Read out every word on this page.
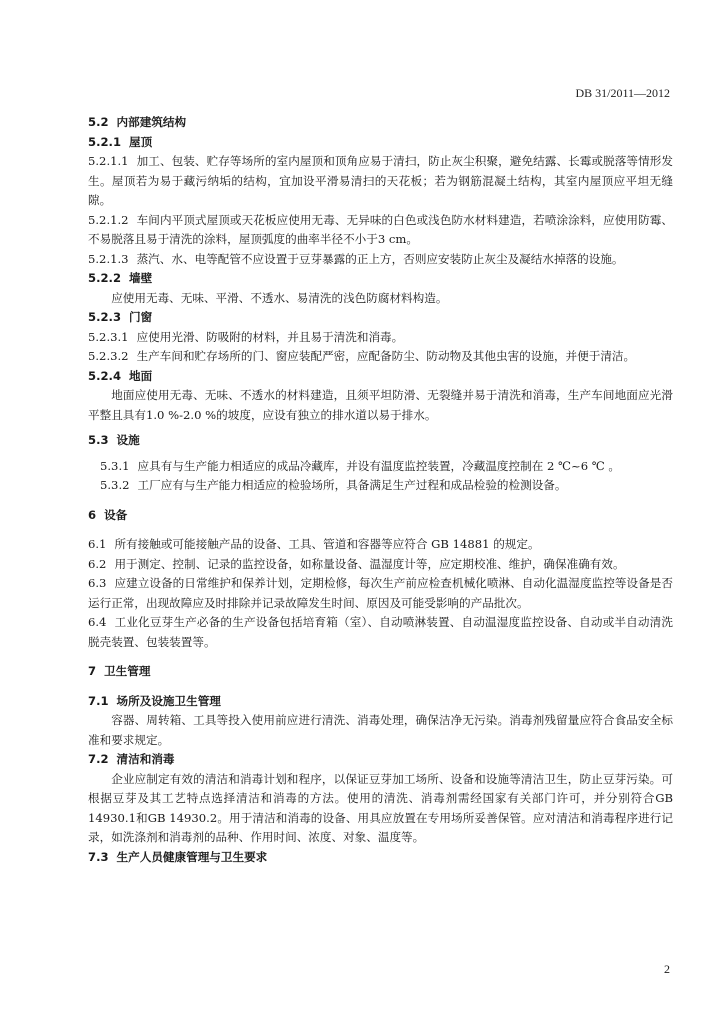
DB 31/2011—2012

5.2 内部建筑结构

5.2.1 屋顶

5.2.1.1 加工、包装、贮存等场所的室内屋顶和顶角应易于清扫，防止灰尘积聚，避免结露、长霉或脱落等情形发生。屋顶若为易于藏污纳垢的结构，宜加设平滑易清扫的天花板；若为钢筋混凝土结构，其室内屋顶应平坦无缝隙。

5.2.1.2 车间内平顶式屋顶或天花板应使用无毒、无异味的白色或浅色防水材料建造，若喷涂涂料，应使用防霉、不易脱落且易于清洗的涂料，屋顶弧度的曲率半径不小于3 cm。

5.2.1.3 蒸汽、水、电等配管不应设置于豆芽暴露的正上方，否则应安装防止灰尘及凝结水掉落的设施。

5.2.2 墙壁

应使用无毒、无味、平滑、不透水、易清洗的浅色防腐材料构造。

5.2.3 门窗

5.2.3.1 应使用光滑、防吸附的材料，并且易于清洗和消毒。

5.2.3.2 生产车间和贮存场所的门、窗应装配严密，应配备防尘、防动物及其他虫害的设施，并便于清洁。

5.2.4 地面

地面应使用无毒、无味、不透水的材料建造，且须平坦防滑、无裂缝并易于清洗和消毒，生产车间地面应光滑平整且具有1.0 %-2.0 %的坡度，应设有独立的排水道以易于排水。

5.3 设施

5.3.1 应具有与生产能力相适应的成品冷藏库，并设有温度监控装置，冷藏温度控制在 2 ℃~6 ℃ 。

5.3.2 工厂应有与生产能力相适应的检验场所，具备满足生产过程和成品检验的检测设备。

6 设备

6.1 所有接触或可能接触产品的设备、工具、管道和容器等应符合 GB 14881 的规定。

6.2 用于测定、控制、记录的监控设备，如称量设备、温湿度计等，应定期校准、维护，确保准确有效。

6.3 应建立设备的日常维护和保养计划，定期检修，每次生产前应检查机械化喷淋、自动化温湿度监控等设备是否运行正常，出现故障应及时排除并记录故障发生时间、原因及可能受影响的产品批次。

6.4 工业化豆芽生产必备的生产设备包括培育箱（室）、自动喷淋装置、自动温湿度监控设备、自动或半自动清洗脱壳装置、包装装置等。

7 卫生管理

7.1 场所及设施卫生管理

容器、周转箱、工具等投入使用前应进行清洗、消毒处理，确保洁净无污染。消毒剂残留量应符合食品安全标准和要求规定。

7.2 清洁和消毒

企业应制定有效的清洁和消毒计划和程序，以保证豆芽加工场所、设备和设施等清洁卫生，防止豆芽污染。可根据豆芽及其工艺特点选择清洁和消毒的方法。使用的清洗、消毒剂需经国家有关部门许可，并分别符合GB 14930.1和GB 14930.2。用于清洁和消毒的设备、用具应放置在专用场所妥善保管。应对清洁和消毒程序进行记录，如洗涤剂和消毒剂的品种、作用时间、浓度、对象、温度等。

7.3 生产人员健康管理与卫生要求

2
